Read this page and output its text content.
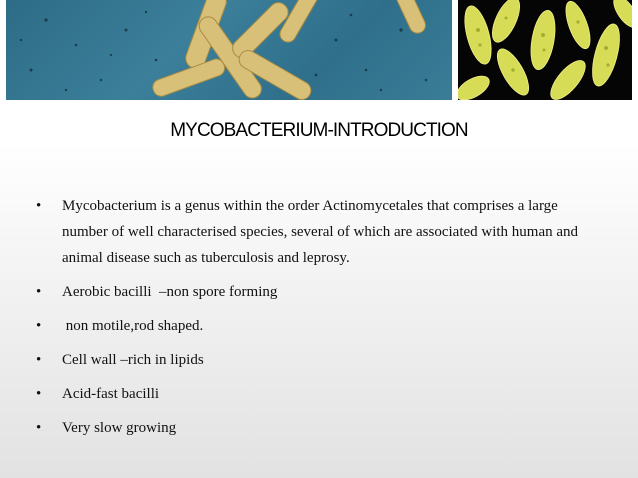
MYCOBACTERIUM-INTRODUCTION
• Mycobacterium is a genus within the order Actinomycetales that comprises a large number of well characterised species, several of which are associated with human and animal disease such as tuberculosis and leprosy.
• Aerobic bacilli  –non spore forming
• non motile,rod shaped.
• Cell wall –rich in lipids
• Acid-fast bacilli
• Very slow growing
